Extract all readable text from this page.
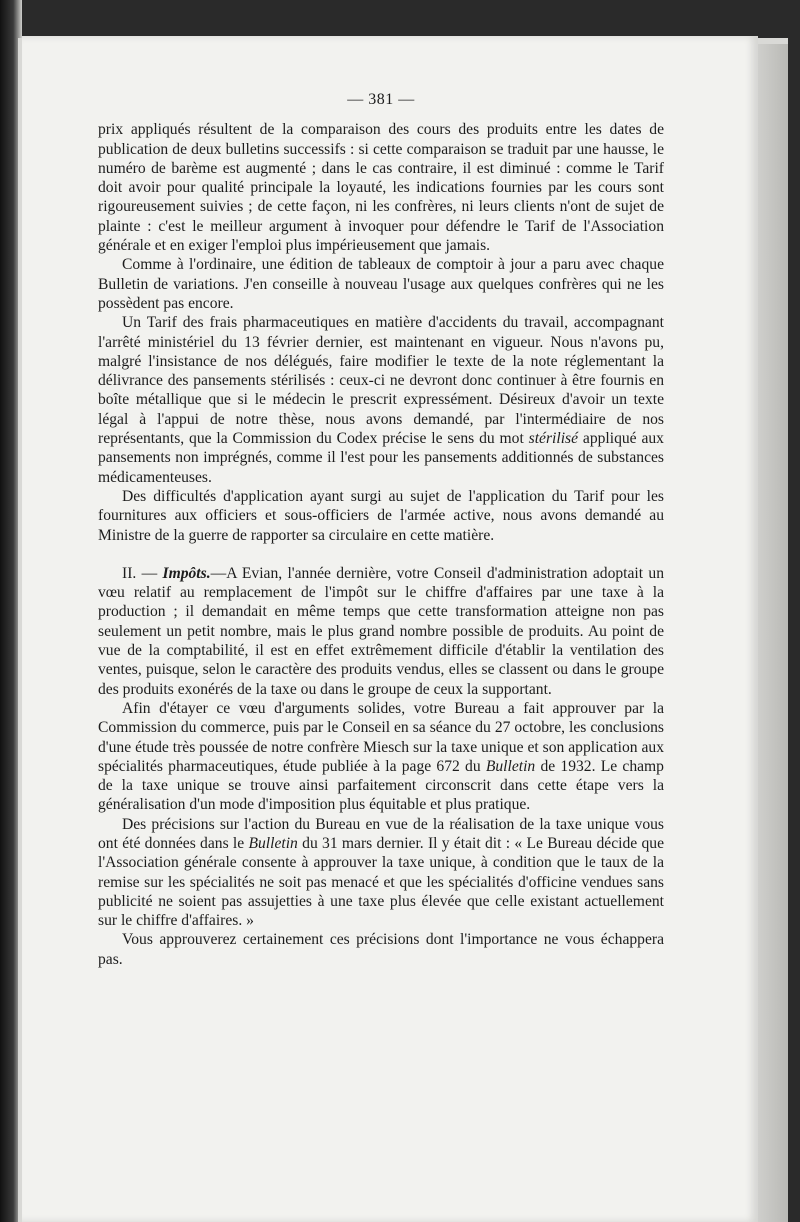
— 381 —

prix appliqués résultent de la comparaison des cours des produits entre les dates de publication de deux bulletins successifs : si cette comparaison se traduit par une hausse, le numéro de barème est augmenté ; dans le cas contraire, il est diminué : comme le Tarif doit avoir pour qualité principale la loyauté, les indications fournies par les cours sont rigoureusement suivies ; de cette façon, ni les confrères, ni leurs clients n'ont de sujet de plainte : c'est le meilleur argument à invoquer pour défendre le Tarif de l'Association générale et en exiger l'emploi plus impérieusement que jamais.

Comme à l'ordinaire, une édition de tableaux de comptoir à jour a paru avec chaque Bulletin de variations. J'en conseille à nouveau l'usage aux quelques confrères qui ne les possèdent pas encore.

Un Tarif des frais pharmaceutiques en matière d'accidents du travail, accompagnant l'arrêté ministériel du 13 février dernier, est maintenant en vigueur. Nous n'avons pu, malgré l'insistance de nos délégués, faire modifier le texte de la note réglementant la délivrance des pansements stérilisés : ceux-ci ne devront donc continuer à être fournis en boîte métallique que si le médecin le prescrit expressément. Désireux d'avoir un texte légal à l'appui de notre thèse, nous avons demandé, par l'intermédiaire de nos représentants, que la Commission du Codex précise le sens du mot stérilisé appliqué aux pansements non imprégnés, comme il l'est pour les pansements additionnés de substances médicamenteuses.

Des difficultés d'application ayant surgi au sujet de l'application du Tarif pour les fournitures aux officiers et sous-officiers de l'armée active, nous avons demandé au Ministre de la guerre de rapporter sa circulaire en cette matière.

II. — Impôts.—A Evian, l'année dernière, votre Conseil d'administration adoptait un vœu relatif au remplacement de l'impôt sur le chiffre d'affaires par une taxe à la production ; il demandait en même temps que cette transformation atteigne non pas seulement un petit nombre, mais le plus grand nombre possible de produits. Au point de vue de la comptabilité, il est en effet extrêmement difficile d'établir la ventilation des ventes, puisque, selon le caractère des produits vendus, elles se classent ou dans le groupe des produits exonérés de la taxe ou dans le groupe de ceux la supportant.

Afin d'étayer ce vœu d'arguments solides, votre Bureau a fait approuver par la Commission du commerce, puis par le Conseil en sa séance du 27 octobre, les conclusions d'une étude très poussée de notre confrère Miesch sur la taxe unique et son application aux spécialités pharmaceutiques, étude publiée à la page 672 du Bulletin de 1932. Le champ de la taxe unique se trouve ainsi parfaitement circonscrit dans cette étape vers la généralisation d'un mode d'imposition plus équitable et plus pratique.

Des précisions sur l'action du Bureau en vue de la réalisation de la taxe unique vous ont été données dans le Bulletin du 31 mars dernier. Il y était dit : « Le Bureau décide que l'Association générale consente à approuver la taxe unique, à condition que le taux de la remise sur les spécialités ne soit pas menacé et que les spécialités d'officine vendues sans publicité ne soient pas assujetties à une taxe plus élevée que celle existant actuellement sur le chiffre d'affaires. »

Vous approuverez certainement ces précisions dont l'importance ne vous échappera pas.
